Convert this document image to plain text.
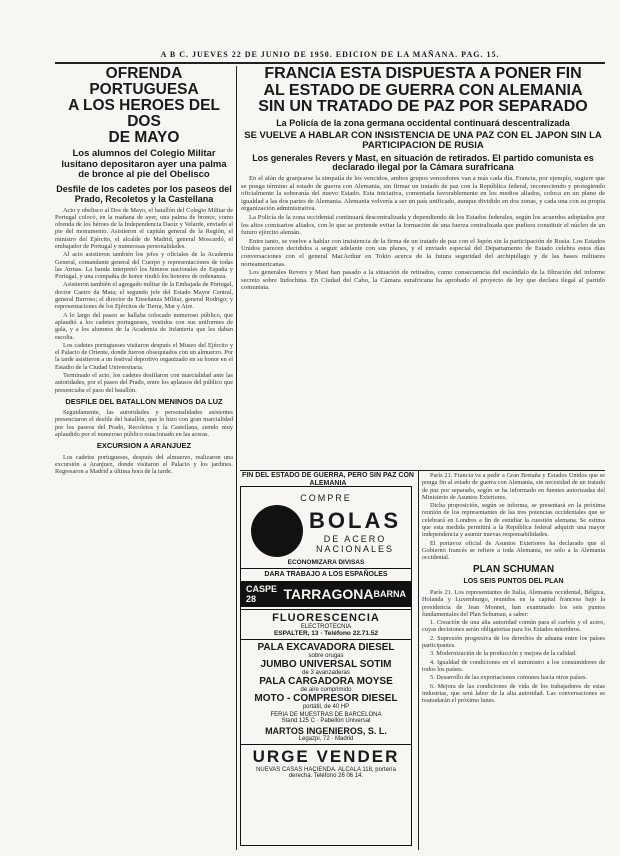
A B C. JUEVES 22 DE JUNIO DE 1950. EDICION DE LA MAÑANA. PAG. 15.
OFRENDA PORTUGUESA
A LOS HEROES DEL DOS
DE MAYO
Los alumnos del Colegio Militar lusitano depositaron ayer una palma de bronce al pie del Obelisco
Desfile de los cadetes por los paseos del Prado, Recoletos y la Castellana

Acto y obelisco al Dos de Mayo, el batallón del Colegio Militar de Portugal colocó, en la mañana de ayer, una palma de bronce, como ofrenda de los héroes de la Independencia Daoíz y Velarde, enviado al pie del monumento. Asistieron el capitán general de la Región, el ministro del Ejército, el alcalde de Madrid, general Moscardó, el embajador de Portugal y numerosas personalidades.

Al acto asistieron también los jefes y oficiales de la Academia General, comandante general del Cuerpo y representaciones de todas las Armas. La banda interpretó los himnos nacionales de España y Portugal, y una compañía de honor rindió los honores de ordenanza.

Asistieron también el agregado militar de la Embajada de Portugal, doctor Caeiro da Mata; el segundo jefe del Estado Mayor Central, general Barroso; el director de Enseñanza Militar, general Rodrigo; y representaciones de los Ejércitos de Tierra, Mar y Aire.

A lo largo del paseo se hallaba colocado numeroso público, que aplaudió a los cadetes portugueses, vestidos con sus uniformes de gala, y a los alumnos de la Academia de Infantería que les daban escolta.

Los cadetes portugueses visitaron después el Museo del Ejército y el Palacio de Oriente, donde fueron obsequiados con un almuerzo. Por la tarde asistieron a un festival deportivo organizado en su honor en el Estadio de la Ciudad Universitaria.

Terminado el acto, los cadetes desfilaron con marcialidad ante las autoridades, por el paseo del Prado, entre los aplausos del público que presenciaba el paso del batallón.

DESFILE DEL BATALLON MENINOS DA LUZ

Seguidamente, las autoridades y personalidades asistentes presenciaron el desfile del batallón, que lo hizo con gran marcialidad por los paseos del Prado, Recoletos y la Castellana, siendo muy aplaudido por el numeroso público estacionado en las aceras.

EXCURSION A ARANJUEZ

Los cadetes portugueses, después del almuerzo, realizaron una excursión a Aranjuez, donde visitaron el Palacio y los jardines. Regresaron a Madrid a última hora de la tarde.

FRANCIA ESTA DISPUESTA A PONER FIN
AL ESTADO DE GUERRA CON ALEMANIA
SIN UN TRATADO DE PAZ POR SEPARADO
La Policía de la zona germana occidental continuará descentralizada
SE VUELVE A HABLAR CON INSISTENCIA DE UNA PAZ CON EL JAPON SIN LA PARTICIPACION DE RUSIA
Los generales Revers y Mast, en situación de retirados. El partido comunista es declarado ilegal por la Cámara surafricana

En el afán de granjearse la simpatía de los vencidos, ambos grupos vencedores van a más cada día. Francia, por ejemplo, sugiere que se ponga término al estado de guerra con Alemania, sin firmar un tratado de paz con la República federal, reconociendo y protegiendo oficialmente la soberanía del nuevo Estado. Esta iniciativa, comentada favorablemente en los medios aliados, coloca en un plano de igualdad a las dos partes de Alemania. Alemania volvería a ser un país unificado, aunque dividido en dos zonas, y cada una con su propia organización administrativa.

La Policía de la zona occidental continuará descentralizada y dependiendo de los Estados federales, según los acuerdos adoptados por los altos comisarios aliados, con lo que se pretende evitar la formación de una fuerza centralizada que pudiera constituir el núcleo de un futuro ejército alemán.

Entre tanto, se vuelve a hablar con insistencia de la firma de un tratado de paz con el Japón sin la participación de Rusia. Los Estados Unidos parecen decididos a seguir adelante con sus planes, y el enviado especial del Departamento de Estado celebra estos días conversaciones con el general MacArthur en Tokio acerca de la futura seguridad del archipiélago y de las bases militares norteamericanas.

Los generales Revers y Mast han pasado a la situación de retirados, como consecuencia del escándalo de la filtración del informe secreto sobre Indochina. En Ciudad del Cabo, la Cámara surafricana ha aprobado el proyecto de ley que declara ilegal al partido comunista.

FIN DEL ESTADO DE GUERRA, PERO SIN PAZ CON ALEMANIA
COMPRE
BOLAS
DE ACERO
NACIONALES
ECONOMIZARA DIVISAS
DARA TRABAJO A LOS ESPAÑOLES
CASPE 28	TARRAGONA BARNA
FLUORESCENCIA
ELECTROTECNIA
ESPALTER, 13 · Teléfono 22.71.52
PALA EXCAVADORA DIESEL
sobre orugas
JUMBO UNIVERSAL SOTIM
de 3 avanzaderas
PALA CARGADORA MOYSE
de aire comprimido
MOTO - COMPRESOR DIESEL
portátil, de 40 HP
FERIA DE MUESTRAS DE BARCELONA
Stand 125 C · Pabellón Universal
MARTOS INGENIEROS, S. L.
Legazpi, 72 · Madrid
URGE VENDER
NUEVAS CASAS HACIENDA. ALCALA 118, portería derecha. Teléfono 26 06 14.

París 21. Francia va a pedir a Gran Bretaña y Estados Unidos que se ponga fin al estado de guerra con Alemania, sin necesidad de un tratado de paz por separado, según se ha informado en fuentes autorizadas del Ministerio de Asuntos Exteriores.

Dicha proposición, según se informa, se presentará en la próxima reunión de los representantes de las tres potencias occidentales que se celebrará en Londres a fin de estudiar la cuestión alemana. Se estima que esta medida permitirá a la República federal adquirir una mayor independencia y asumir nuevas responsabilidades.

El portavoz oficial de Asuntos Exteriores ha declarado que el Gobierno francés se refiere a toda Alemania, no sólo a la Alemania occidental.

PLAN SCHUMAN
LOS SEIS PUNTOS DEL PLAN

París 21. Los representantes de Italia, Alemania occidental, Bélgica, Holanda y Luxemburgo, reunidos en la capital francesa bajo la presidencia de Jean Monnet, han examinado los seis puntos fundamentales del Plan Schuman, a saber:

1. Creación de una alta autoridad común para el carbón y el acero, cuyas decisiones serán obligatorias para los Estados miembros.

2. Supresión progresiva de los derechos de aduana entre los países participantes.

3. Modernización de la producción y mejora de la calidad.

4. Igualdad de condiciones en el suministro a los consumidores de todos los países.

5. Desarrollo de las exportaciones comunes hacia otros países.

6. Mejora de las condiciones de vida de los trabajadores de estas industrias, que será labor de la alta autoridad. Las conversaciones se reanudarán el próximo lunes.
